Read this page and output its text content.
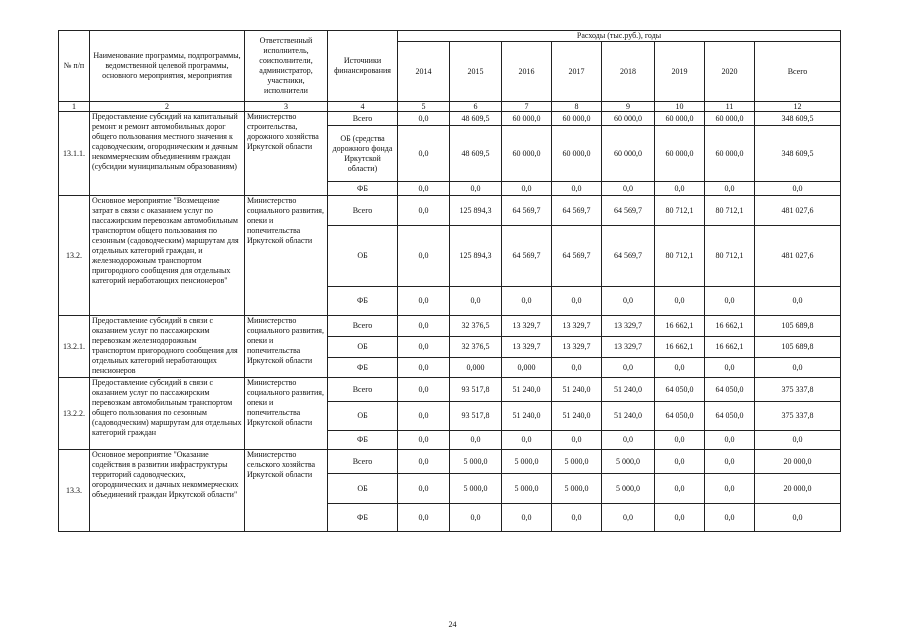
№ п/п	Наименование программы, подпрограммы, ведомственной целевой программы, основного мероприятия, мероприятия	Ответственный исполнитель, соисполнители, администратор, участники, исполнители	Источники финансирования	Расходы (тыс.руб.), годы							
				2014	2015	2016	2017	2018	2019	2020	Всего
1	2	3	4	5	6	7	8	9	10	11	12
13.1.1.	Предоставление субсидий на капитальный ремонт и ремонт автомобильных дорог общего пользования местного значения к садоводческим, огородническим и дачным некоммерческим объединениям граждан (субсидии муниципальным образованиям)	Министерство строительства, дорожного хозяйства Иркутской области	Всего	0,0	48 609,5	60 000,0	60 000,0	60 000,0	60 000,0	60 000,0	348 609,5
			ОБ (средства дорожного фонда Иркутской области)	0,0	48 609,5	60 000,0	60 000,0	60 000,0	60 000,0	60 000,0	348 609,5
			ФБ	0,0	0,0	0,0	0,0	0,0	0,0	0,0	0,0
13.2.	Основное мероприятие "Возмещение затрат в связи с оказанием услуг по пассажирским перевозкам автомобильным транспортом общего пользования по сезонным (садоводческим) маршрутам для отдельных категорий граждан, и железнодорожным транспортом пригородного сообщения для отдельных категорий неработающих пенсионеров"	Министерство социального развития, опеки и попечительства Иркутской области	Всего	0,0	125 894,3	64 569,7	64 569,7	64 569,7	80 712,1	80 712,1	481 027,6
			ОБ	0,0	125 894,3	64 569,7	64 569,7	64 569,7	80 712,1	80 712,1	481 027,6
			ФБ	0,0	0,0	0,0	0,0	0,0	0,0	0,0	0,0
13.2.1.	Предоставление субсидий в связи с оказанием услуг по пассажирским перевозкам железнодорожным транспортом пригородного сообщения для отдельных категорий неработающих пенсионеров	Министерство социального развития, опеки и попечительства Иркутской области	Всего	0,0	32 376,5	13 329,7	13 329,7	13 329,7	16 662,1	16 662,1	105 689,8
			ОБ	0,0	32 376,5	13 329,7	13 329,7	13 329,7	16 662,1	16 662,1	105 689,8
			ФБ	0,0	0,000	0,000	0,0	0,0	0,0	0,0	0,0
13.2.2.	Предоставление субсидий в связи с оказанием услуг по пассажирским перевозкам автомобильным транспортом общего пользования по сезонным (садоводческим) маршрутам для отдельных категорий граждан	Министерство социального развития, опеки и попечительства Иркутской области	Всего	0,0	93 517,8	51 240,0	51 240,0	51 240,0	64 050,0	64 050,0	375 337,8
			ОБ	0,0	93 517,8	51 240,0	51 240,0	51 240,0	64 050,0	64 050,0	375 337,8
			ФБ	0,0	0,0	0,0	0,0	0,0	0,0	0,0	0,0
13.3.	Основное мероприятие "Оказание содействия в развитии инфраструктуры территорий садоводческих, огороднических и дачных некоммерческих объединений граждан Иркутской области"	Министерство сельского хозяйства Иркутской области	Всего	0,0	5 000,0	5 000,0	5 000,0	5 000,0	0,0	0,0	20 000,0
			ОБ	0,0	5 000,0	5 000,0	5 000,0	5 000,0	0,0	0,0	20 000,0
			ФБ	0,0	0,0	0,0	0,0	0,0	0,0	0,0	0,0
24
